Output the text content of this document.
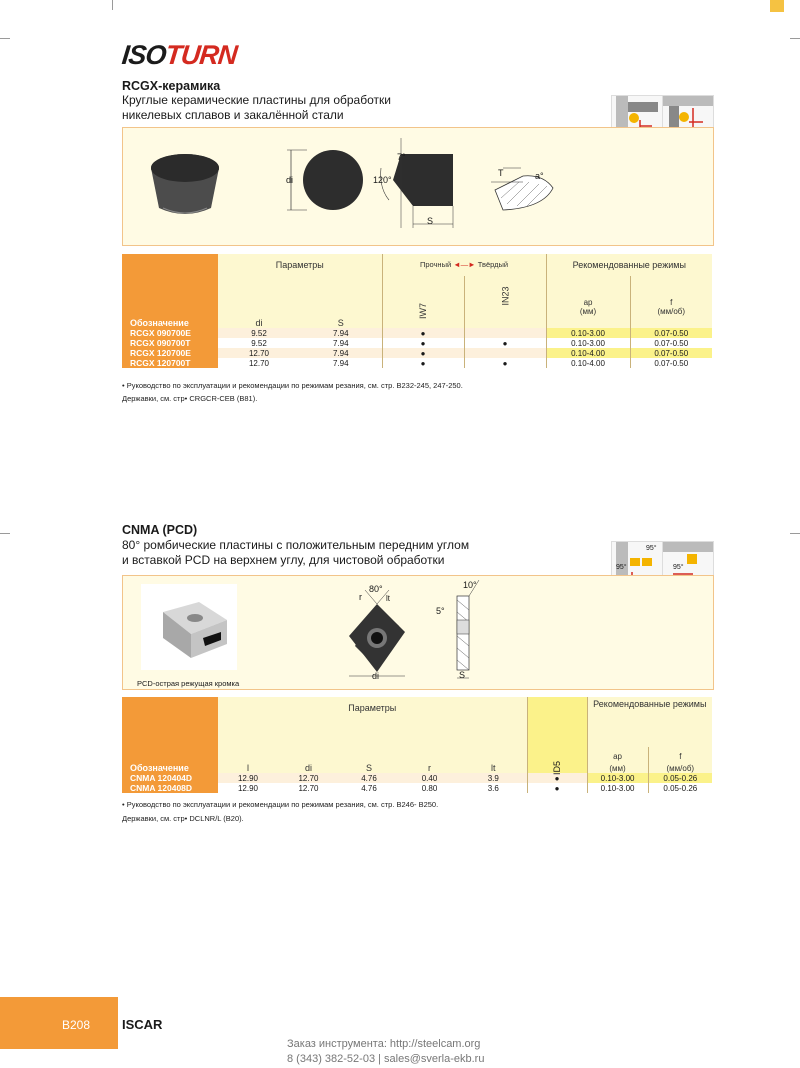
ISOTURN
RCGX-керамика
Круглые керамические пластины для обработки
никелевых сплавов и закалённой стали
di
7°
120°
S
T	a°
Обозначение	Параметры		Прочный ◄—► Твёрдый		Рекомендованные режимы	
			IW7	IN23	ap
(мм)	f
(мм/об)
	di	S				
RCGX 090700E	9.52	7.94	●		0.10-3.00	0.07-0.50
RCGX 090700T	9.52	7.94	●	●	0.10-3.00	0.07-0.50
RCGX 120700E	12.70	7.94	●		0.10-4.00	0.07-0.50
RCGX 120700T	12.70	7.94	●	●	0.10-4.00	0.07-0.50
• Руководство по эксплуатации и рекомендации по режимам резания, см. стр. B232-245, 247-250.
Державки, см. стр• CRGCR-CEB (B81).
CNMA (PCD)
80° ромбические пластины с положительным передним углом
и вставкой PCD на верхнем углу, для чистовой обработки
95°
95°	95°
PCD-острая режущая кромка
80°
r	lt
di
10°
5°
S
Обозначение	Параметры					ID5	Рекомендованные режимы	
							ap	f
	l	di	S	r	lt		(мм)	(мм/об)
CNMA 120404D	12.90	12.70	4.76	0.40	3.9	●	0.10-3.00	0.05-0.26
CNMA 120408D	12.90	12.70	4.76	0.80	3.6	●	0.10-3.00	0.05-0.26
• Руководство по эксплуатации и рекомендации по режимам резания, см. стр. B246- B250.
Державки, см. стр• DCLNR/L (B20).
B208 ISCAR
Заказ инструмента: http://steelcam.org
8 (343) 382-52-03 | sales@sverla-ekb.ru
